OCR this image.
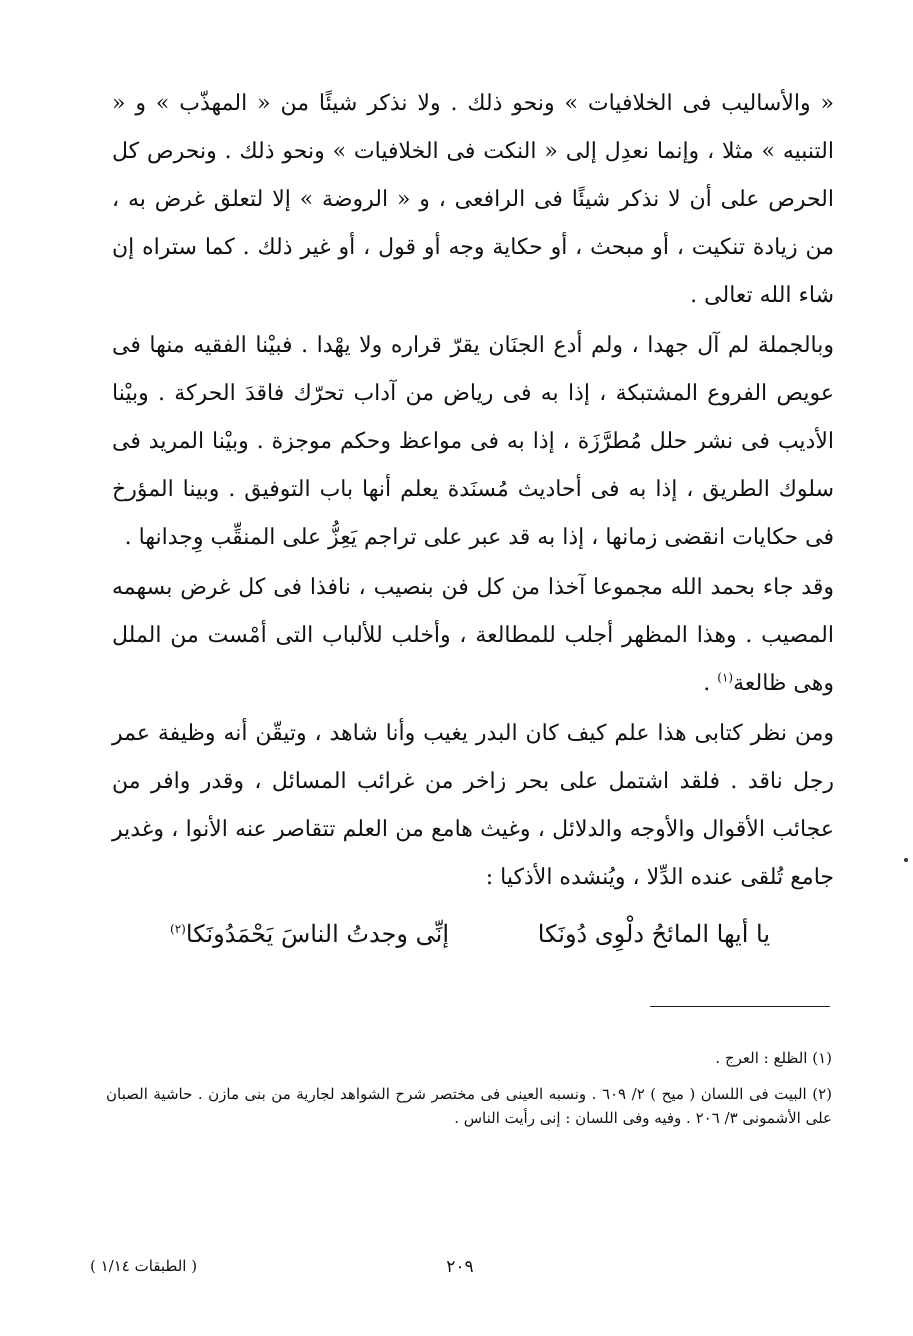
« والأساليب فى الخلافيات » ونحو ذلك . ولا نذكر شيئًا من « المهذّب » و « التنبيه » مثلا ، وإنما نعدِل إلى « النكت فى الخلافيات » ونحو ذلك . ونحرص كل الحرص على أن لا نذكر شيئًا فى الرافعى ، و « الروضة » إلا لتعلق غرض به ، من زيادة تنكيت ، أو مبحث ، أو حكاية وجه أو قول ، أو غير ذلك . كما ستراه إن شاء الله تعالى .
وبالجملة لم آل جهدا ، ولم أدع الجنَان يقرّ قراره ولا يهْدا . فبيْنا الفقيه منها فى عويص الفروع المشتبكة ، إذا به فى رياض من آداب تحرّك فاقدَ الحركة . وبيْنا الأديب فى نشر حلل مُطرَّزَة ، إذا به فى مواعظ وحكم موجزة . وبيْنا المريد فى سلوك الطريق ، إذا به فى أحاديث مُسنَدة يعلم أنها باب التوفيق . وبينا المؤرخ فى حكايات انقضى زمانها ، إذا به قد عبر على تراجم يَعِزُّ على المنقِّب وِجدانها .
وقد جاء بحمد الله مجموعا آخذا من كل فن بنصيب ، نافذا فى كل غرض بسهمه المصيب . وهذا المظهر أجلب للمطالعة ، وأخلب للألباب التى أمْست من الملل وهى ظالعة$^{(١)}$ .
ومن نظر كتابى هذا علم كيف كان البدر يغيب وأنا شاهد ، وتيقّن أنه وظيفة عمر رجل ناقد . فلقد اشتمل على بحر زاخر من غرائب المسائل ، وقدر وافر من عجائب الأقوال والأوجه والدلائل ، وغيث هامع من العلم تتقاصر عنه الأنوا ، وغدير جامع تُلقى عنده الدِّلا ، ويُنشده الأذكيا :
يا أيها المائحُ دلْوِى دُونَكا
إنِّى وجدتُ الناسَ يَحْمَدُونَكا$^{(٢)}$

(١) الظلع : العرج .

(٢) البيت فى اللسان ( ميح ) ٢/ ٦٠٩ . ونسبه العينى فى مختصر شرح الشواهد لجارية من بنى مازن . حاشية الصبان على الأشمونى ٣/ ٢٠٦ . وفيه وفى اللسان : إنى رأيت الناس .

٢٠٩
( الطبقات ١/١٤ )
